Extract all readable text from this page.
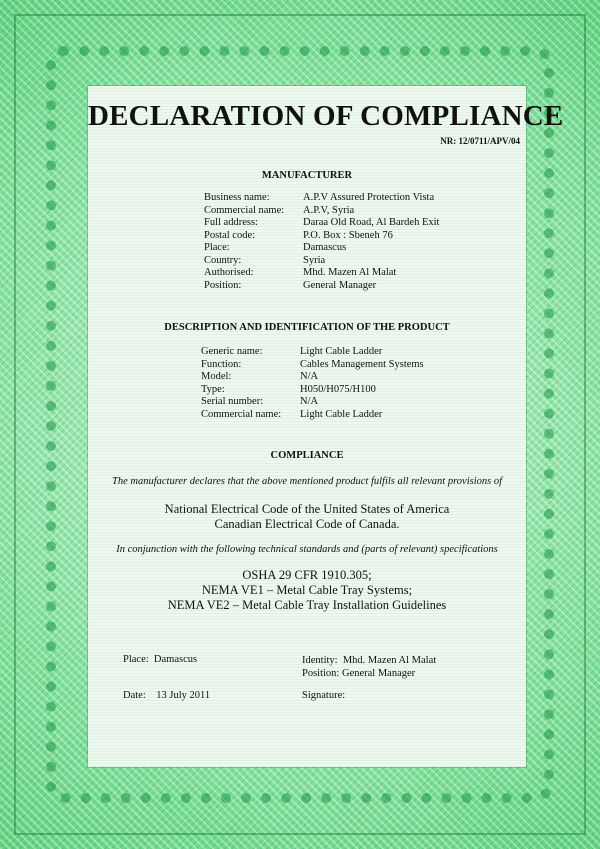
DECLARATION OF COMPLIANCE
NR: 12/0711/APV/04
MANUFACTURER
Business name:	A.P.V Assured Protection Vista
Commercial name:	A.P.V, Syria
Full address:	Daraa Old Road, Al Bardeh Exit
Postal code:	P.O. Box : Sbeneh 76
Place:	Damascus
Country:	Syria
Authorised:	Mhd. Mazen Al Malat
Position:	General Manager
DESCRIPTION AND IDENTIFICATION OF THE PRODUCT
Generic name:	Light Cable Ladder
Function:	Cables Management Systems
Model:	N/A
Type:	H050/H075/H100
Serial number:	N/A
Commercial name:	Light Cable Ladder
COMPLIANCE
The manufacturer declares that the above mentioned product fulfils all relevant provisions of
National Electrical Code of the United States of America
Canadian Electrical Code of Canada.
In conjunction with the following technical standards and (parts of relevant) specifications
OSHA 29 CFR 1910.305;
NEMA VE1 – Metal Cable Tray Systems;
NEMA VE2 – Metal Cable Tray Installation Guidelines
Place: Damascus	Identity: Mhd. Mazen Al Malat
Position: General Manager
Date: 13 July 2011	Signature:
